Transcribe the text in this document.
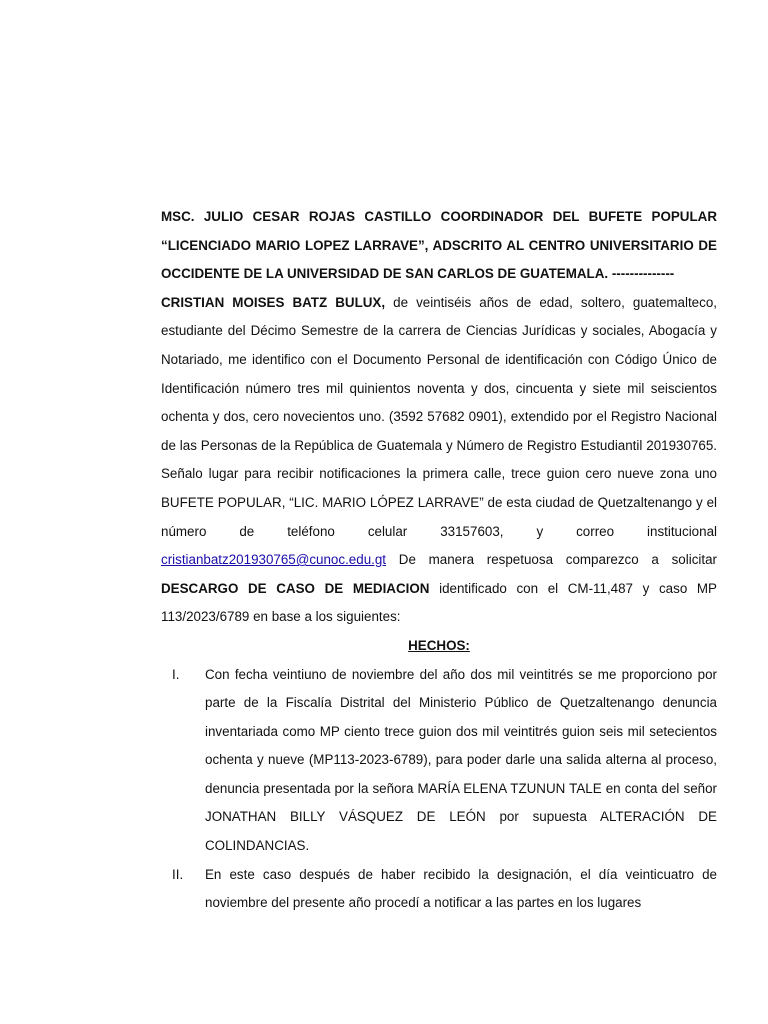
MSC. JULIO CESAR ROJAS CASTILLO COORDINADOR DEL BUFETE POPULAR “LICENCIADO MARIO LOPEZ LARRAVE”, ADSCRITO AL CENTRO UNIVERSITARIO DE OCCIDENTE DE LA UNIVERSIDAD DE SAN CARLOS DE GUATEMALA. --------------

CRISTIAN MOISES BATZ BULUX, de veintiséis años de edad, soltero, guatemalteco, estudiante del Décimo Semestre de la carrera de Ciencias Jurídicas y sociales, Abogacía y Notariado, me identifico con el Documento Personal de identificación con Código Único de Identificación número tres mil quinientos noventa y dos, cincuenta y siete mil seiscientos ochenta y dos, cero novecientos uno. (3592 57682 0901), extendido por el Registro Nacional de las Personas de la República de Guatemala y Número de Registro Estudiantil 201930765. Señalo lugar para recibir notificaciones la primera calle, trece guion cero nueve zona uno BUFETE POPULAR, “LIC. MARIO LÓPEZ LARRAVE” de esta ciudad de Quetzaltenango y el número de teléfono celular 33157603, y correo institucional cristianbatz201930765@cunoc.edu.gt De manera respetuosa comparezco a solicitar DESCARGO DE CASO DE MEDIACION identificado con el CM-11,487 y caso MP 113/2023/6789 en base a los siguientes:

HECHOS:

I.	Con fecha veintiuno de noviembre del año dos mil veintitrés se me proporciono por parte de la Fiscalía Distrital del Ministerio Público de Quetzaltenango denuncia inventariada como MP ciento trece guion dos mil veintitrés guion seis mil setecientos ochenta y nueve (MP113-2023-6789), para poder darle una salida alterna al proceso, denuncia presentada por la señora MARÍA ELENA TZUNUN TALE en conta del señor JONATHAN BILLY VÁSQUEZ DE LEÓN por supuesta ALTERACIÓN DE COLINDANCIAS.
II.	En este caso después de haber recibido la designación, el día veinticuatro de noviembre del presente año procedí a notificar a las partes en los lugares
